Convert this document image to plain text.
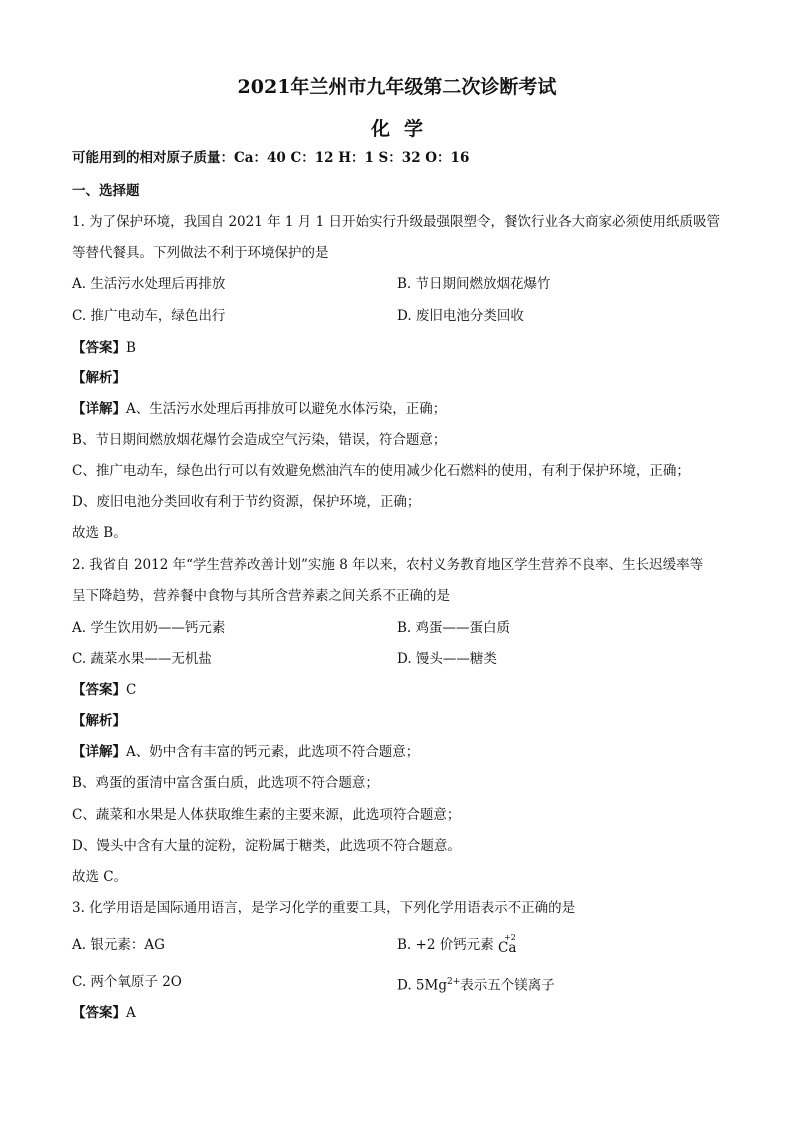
2021年兰州市九年级第二次诊断考试
化学
可能用到的相对原子质量：Ca：40 C：12 H：1 S：32 O：16
一、选择题
1. 为了保护环境，我国自 2021 年 1 月 1 日开始实行升级最强限塑令，餐饮行业各大商家必须使用纸质吸管
等替代餐具。下列做法不利于环境保护的是
A. 生活污水处理后再排放	B. 节日期间燃放烟花爆竹
C. 推广电动车，绿色出行	D. 废旧电池分类回收
【答案】B
【解析】
【详解】A、生活污水处理后再排放可以避免水体污染，正确；
B、节日期间燃放烟花爆竹会造成空气污染，错误，符合题意；
C、推广电动车，绿色出行可以有效避免燃油汽车的使用减少化石燃料的使用，有利于保护环境，正确；
D、废旧电池分类回收有利于节约资源，保护环境，正确；
故选 B。
2. 我省自 2012 年“学生营养改善计划”实施 8 年以来，农村义务教育地区学生营养不良率、生长迟缓率等
呈下降趋势，营养餐中食物与其所含营养素之间关系不正确的是
A. 学生饮用奶——钙元素	B. 鸡蛋——蛋白质
C. 蔬菜水果——无机盐	D. 馒头——糖类
【答案】C
【解析】
【详解】A、奶中含有丰富的钙元素，此选项不符合题意；
B、鸡蛋的蛋清中富含蛋白质，此选项不符合题意；
C、蔬菜和水果是人体获取维生素的主要来源，此选项符合题意；
D、馒头中含有大量的淀粉，淀粉属于糖类，此选项不符合题意。
故选 C。
3. 化学用语是国际通用语言，是学习化学的重要工具，下列化学用语表示不正确的是
A. 银元素：AG	B. +2 价钙元素 +2
Ca
C. 两个氧原子 2O	D. $5Mg^{2+}$表示五个镁离子
【答案】A
